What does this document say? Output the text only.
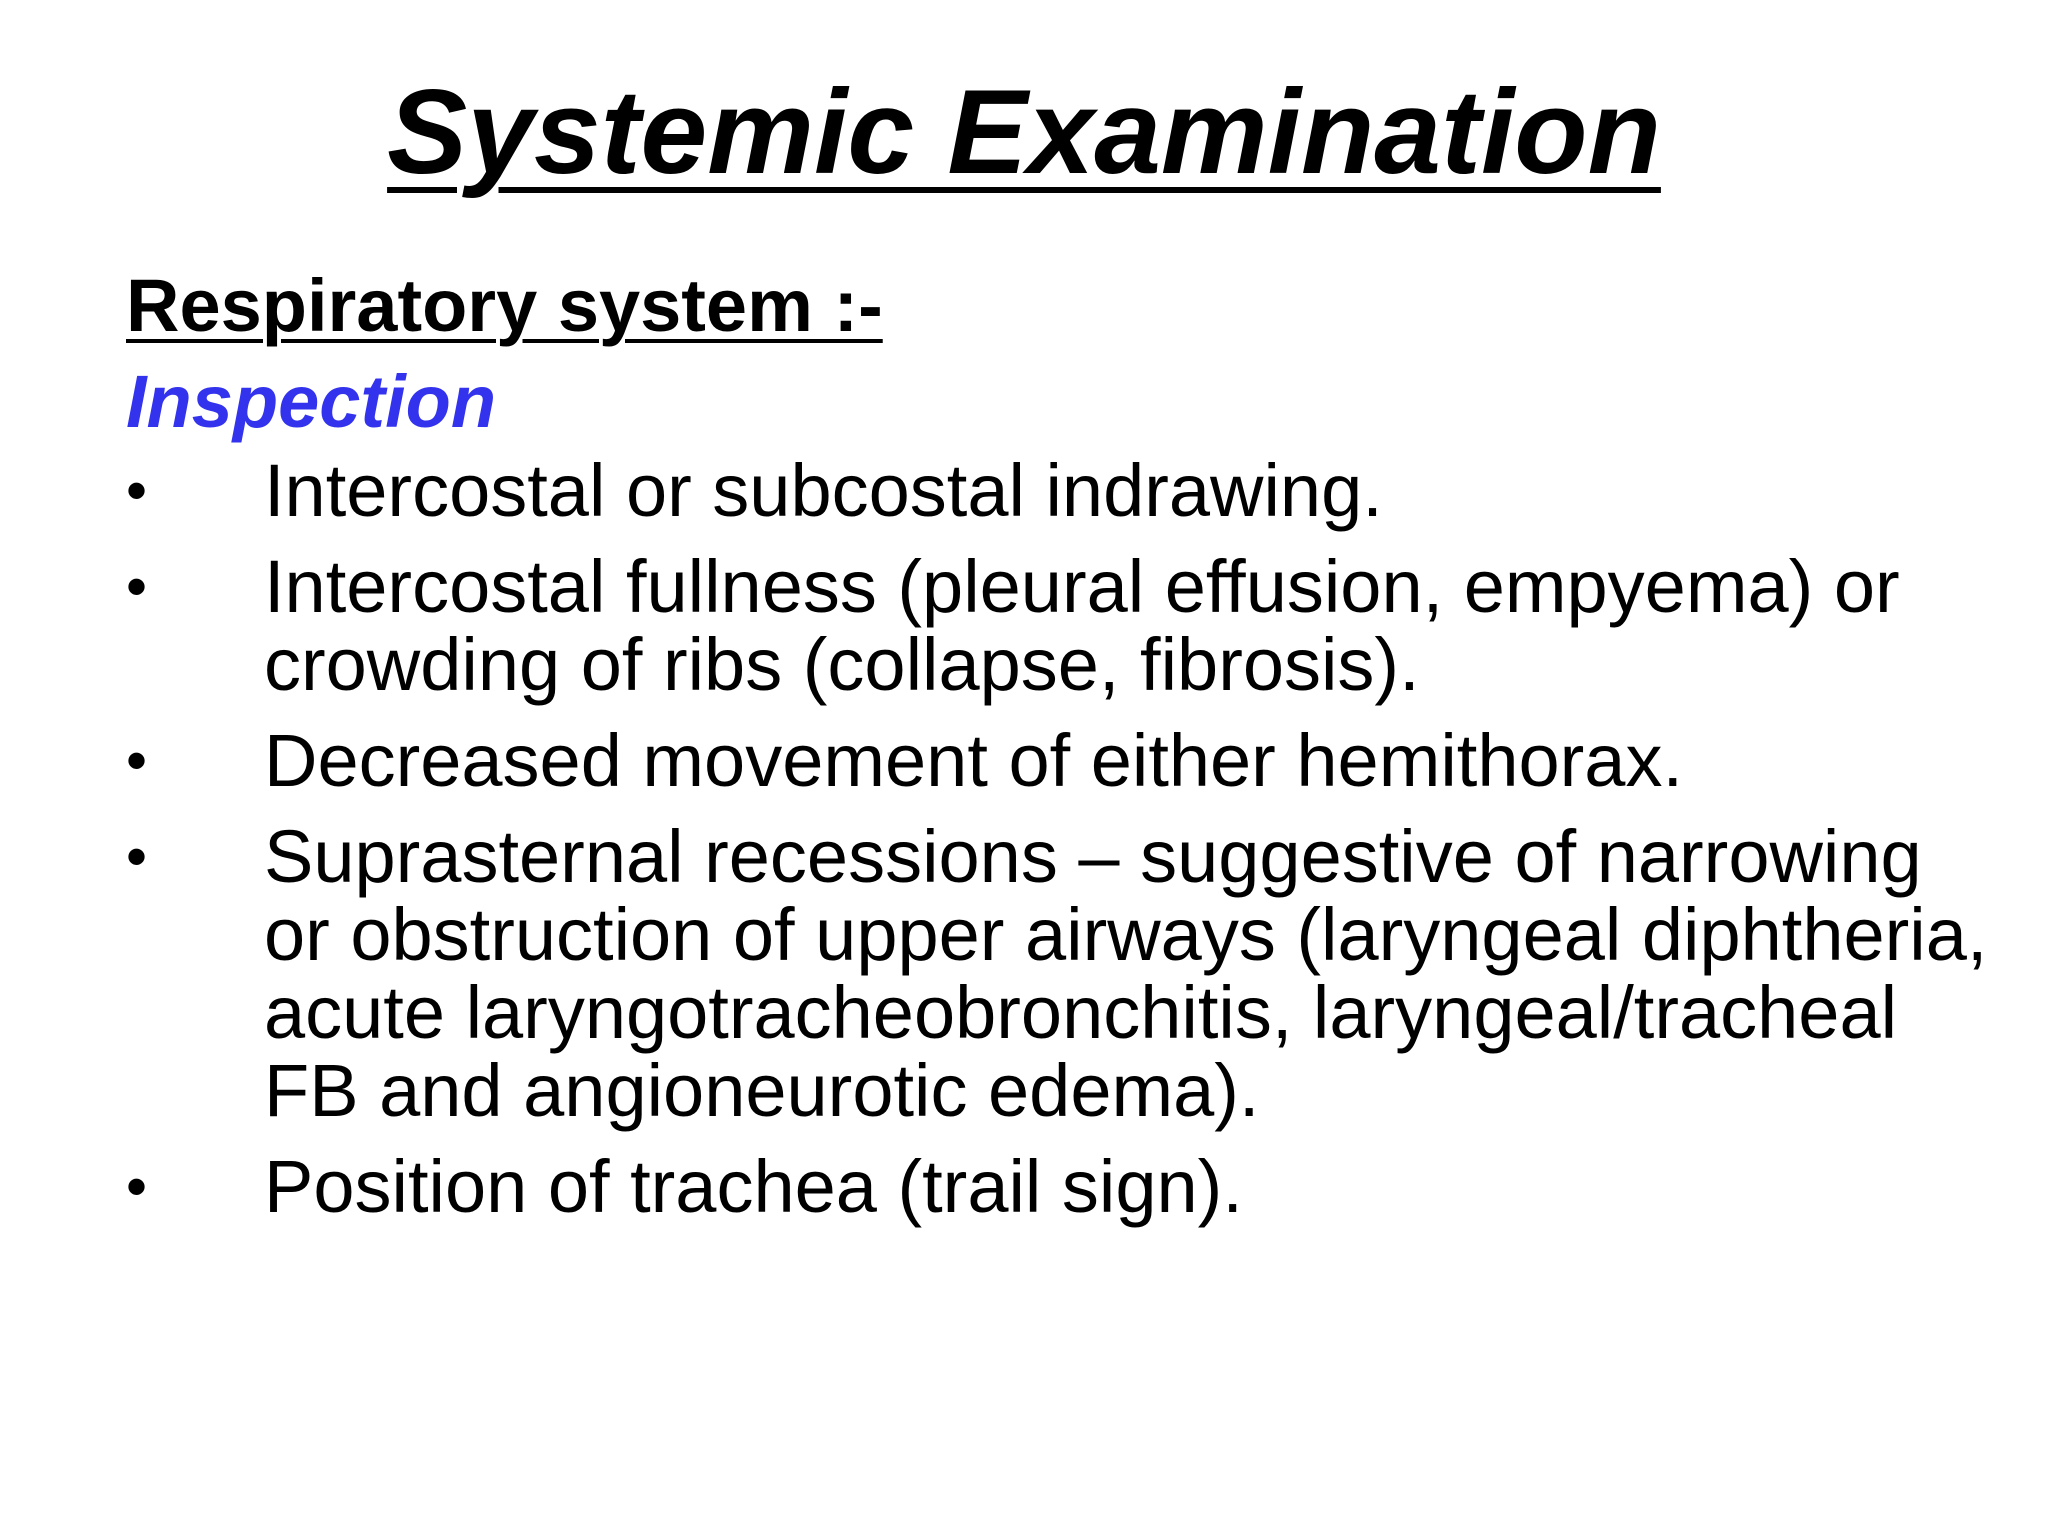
Systemic Examination
Respiratory system :-
Inspection
• Intercostal or subcostal indrawing.
• Intercostal fullness (pleural effusion, empyema) or crowding of ribs (collapse, fibrosis).
• Decreased movement of either hemithorax.
• Suprasternal recessions – suggestive of narrowing or obstruction of upper airways (laryngeal diphtheria, acute laryngotracheobronchitis, laryngeal/tracheal FB and angioneurotic edema).
• Position of trachea (trail sign).
